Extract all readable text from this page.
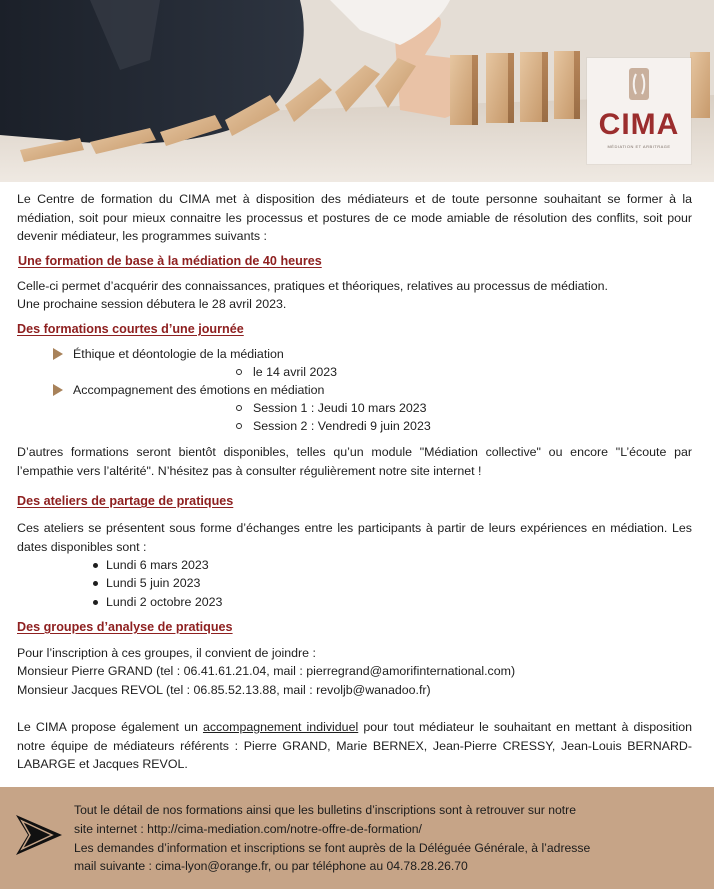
CIMA
MÉDIATION ET ARBITRAGE
Le Centre de formation du CIMA met à disposition des médiateurs et de toute personne souhaitant se former à la médiation, soit pour mieux connaitre les processus et postures de ce mode amiable de résolution des conflits, soit pour devenir médiateur, les programmes suivants :
Une formation de base à la médiation de 40 heures
Celle-ci permet d’acquérir des connaissances, pratiques et théoriques, relatives au processus de médiation.
Une prochaine session débutera le 28 avril 2023.
Des formations courtes d’une journée
Éthique et déontologie de la médiation
le 14 avril 2023
Accompagnement des émotions en médiation
Session 1 : Jeudi 10 mars 2023
Session 2 : Vendredi 9 juin 2023
D’autres formations seront bientôt disponibles, telles qu’un module "Médiation collective" ou encore "L’écoute par l’empathie vers l’altérité". N’hésitez pas à consulter régulièrement notre site internet !
Des ateliers de partage de pratiques
Ces ateliers se présentent sous forme d’échanges entre les participants à partir de leurs expériences en médiation. Les dates disponibles sont :
Lundi 6 mars 2023
Lundi 5 juin 2023
Lundi 2 octobre 2023
Des groupes d’analyse de pratiques
Pour l’inscription à ces groupes, il convient de joindre :
Monsieur Pierre GRAND (tel : 06.41.61.21.04, mail : pierregrand@amorifinternational.com)
Monsieur Jacques REVOL (tel : 06.85.52.13.88, mail : revoljb@wanadoo.fr)
Le CIMA propose également un accompagnement individuel pour tout médiateur le souhaitant en mettant à disposition notre équipe de médiateurs référents : Pierre GRAND, Marie BERNEX, Jean-Pierre CRESSY, Jean-Louis BERNARD-LABARGE et Jacques REVOL.
Tout le détail de nos formations ainsi que les bulletins d’inscriptions sont à retrouver sur notre
site internet : http://cima-mediation.com/notre-offre-de-formation/
Les demandes d’information et inscriptions se font auprès de la Déléguée Générale, à l’adresse
mail suivante : cima-lyon@orange.fr, ou par téléphone au 04.78.28.26.70
